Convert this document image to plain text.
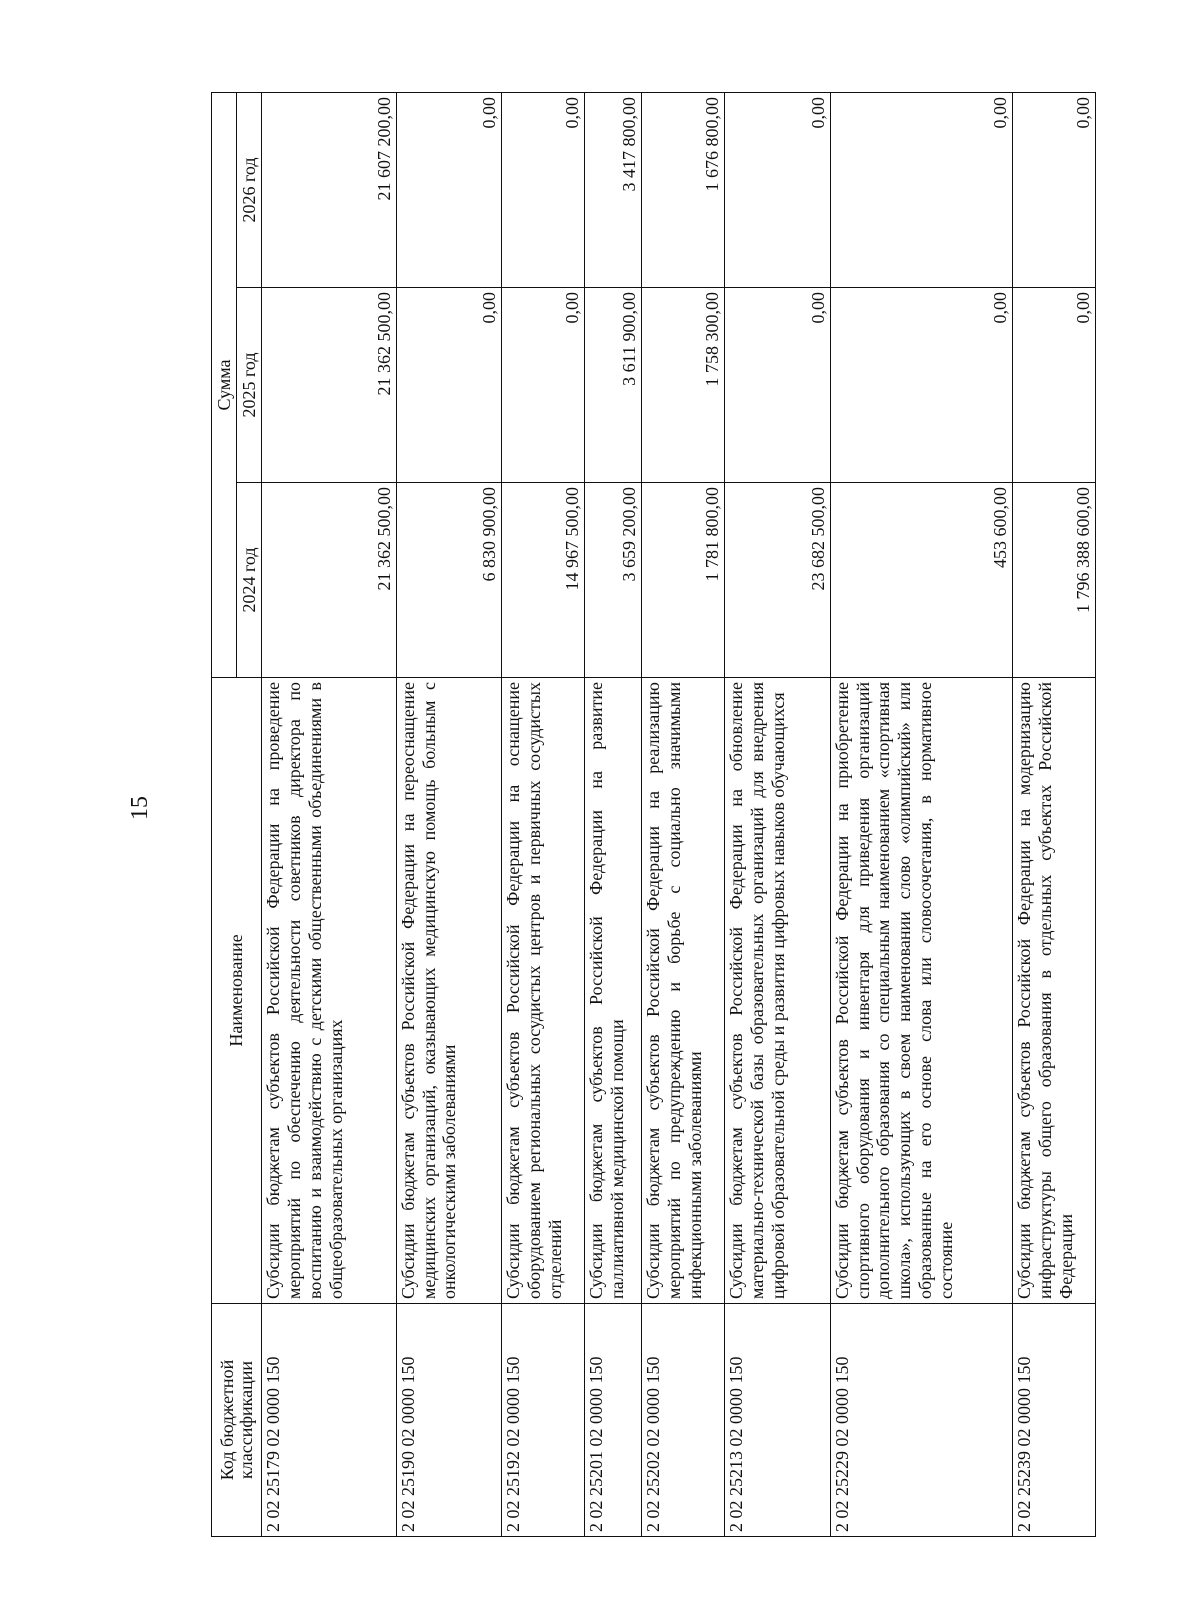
15
Код бюджетной классификации	Наименование	Сумма		
		2024 год	2025 год	2026 год
2 02 25179 02 0000 150	Субсидии бюджетам субъектов Российской Федерации на проведение мероприятий по обеспечению деятельности советников директора по воспитанию и взаимодействию с детскими общественными объединениями в общеобразовательных организациях	21 362 500,00	21 362 500,00	21 607 200,00
2 02 25190 02 0000 150	Субсидии бюджетам субъектов Российской Федерации на переоснащение медицинских организаций, оказывающих медицинскую помощь больным с онкологическими заболеваниями	6 830 900,00	0,00	0,00
2 02 25192 02 0000 150	Субсидии бюджетам субъектов Российской Федерации на оснащение оборудованием региональных сосудистых центров и первичных сосудистых отделений	14 967 500,00	0,00	0,00
2 02 25201 02 0000 150	Субсидии бюджетам субъектов Российской Федерации на развитие паллиативной медицинской помощи	3 659 200,00	3 611 900,00	3 417 800,00
2 02 25202 02 0000 150	Субсидии бюджетам субъектов Российской Федерации на реализацию мероприятий по предупреждению и борьбе с социально значимыми инфекционными заболеваниями	1 781 800,00	1 758 300,00	1 676 800,00
2 02 25213 02 0000 150	Субсидии бюджетам субъектов Российской Федерации на обновление материально-технической базы образовательных организаций для внедрения цифровой образовательной среды и развития цифровых навыков обучающихся	23 682 500,00	0,00	0,00
2 02 25229 02 0000 150	Субсидии бюджетам субъектов Российской Федерации на приобретение спортивного оборудования и инвентаря для приведения организаций дополнительного образования со специальным наименованием «спортивная школа», использующих в своем наименовании слово «олимпийский» или образованные на его основе слова или словосочетания, в нормативное состояние	453 600,00	0,00	0,00
2 02 25239 02 0000 150	Субсидии бюджетам субъектов Российской Федерации на модернизацию инфраструктуры общего образования в отдельных субъектах Российской Федерации	1 796 388 600,00	0,00	0,00
